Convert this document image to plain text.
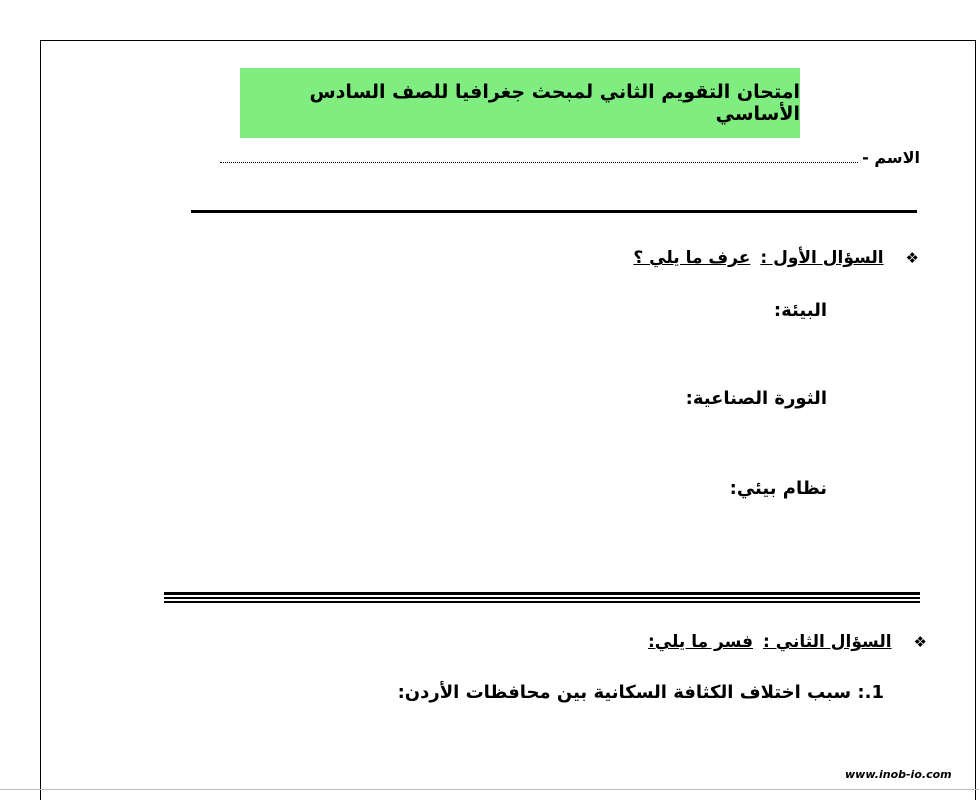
امتحان التقويم الثاني لمبحث جغرافيا للصف السادس الأساسي
الاسم -
❖
السؤال الأول :
عرف ما يلي ؟
البيئة:
الثورة الصناعية:
نظام بيئي:
❖
السؤال الثاني :
فسر ما يلي:
1.: سبب اختلاف الكثافة السكانية بين محافظات الأردن:
www.inob-io.com
